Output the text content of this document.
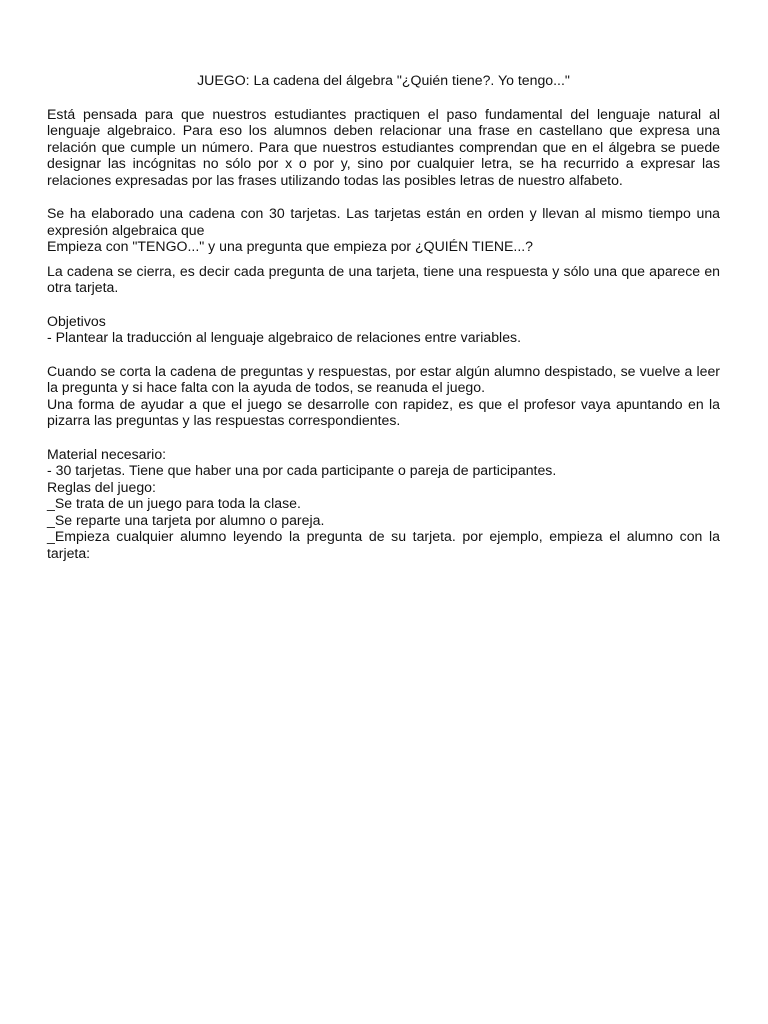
JUEGO: La cadena del álgebra "¿Quién tiene?. Yo tengo..."

Está pensada para que nuestros estudiantes practiquen el paso fundamental del lenguaje natural al lenguaje algebraico. Para eso los alumnos deben relacionar una frase en castellano que expresa una relación que cumple un número. Para que nuestros estudiantes comprendan que en el álgebra se puede designar las incógnitas no sólo por x o por y, sino por cualquier letra, se ha recurrido a expresar las relaciones expresadas por las frases utilizando todas las posibles letras de nuestro alfabeto.

Se ha elaborado una cadena con 30 tarjetas. Las tarjetas están en orden y llevan al mismo tiempo una expresión algebraica que

Empieza con "TENGO..." y una pregunta que empieza por ¿QUIÉN TIENE...?

La cadena se cierra, es decir cada pregunta de una tarjeta, tiene una respuesta y sólo una que aparece en otra tarjeta.

Objetivos

- Plantear la traducción al lenguaje algebraico de relaciones entre variables.

Cuando se corta la cadena de preguntas y respuestas, por estar algún alumno despistado, se vuelve a leer la pregunta y si hace falta con la ayuda de todos, se reanuda el juego.

Una forma de ayudar a que el juego se desarrolle con rapidez, es que el profesor vaya apuntando en la pizarra las preguntas y las respuestas correspondientes.

Material necesario:

- 30 tarjetas. Tiene que haber una por cada participante o pareja de participantes.

Reglas del juego:

_Se trata de un juego para toda la clase.

_Se reparte una tarjeta por alumno o pareja.

_Empieza cualquier alumno leyendo la pregunta de su tarjeta. por ejemplo, empieza el alumno con la tarjeta:
